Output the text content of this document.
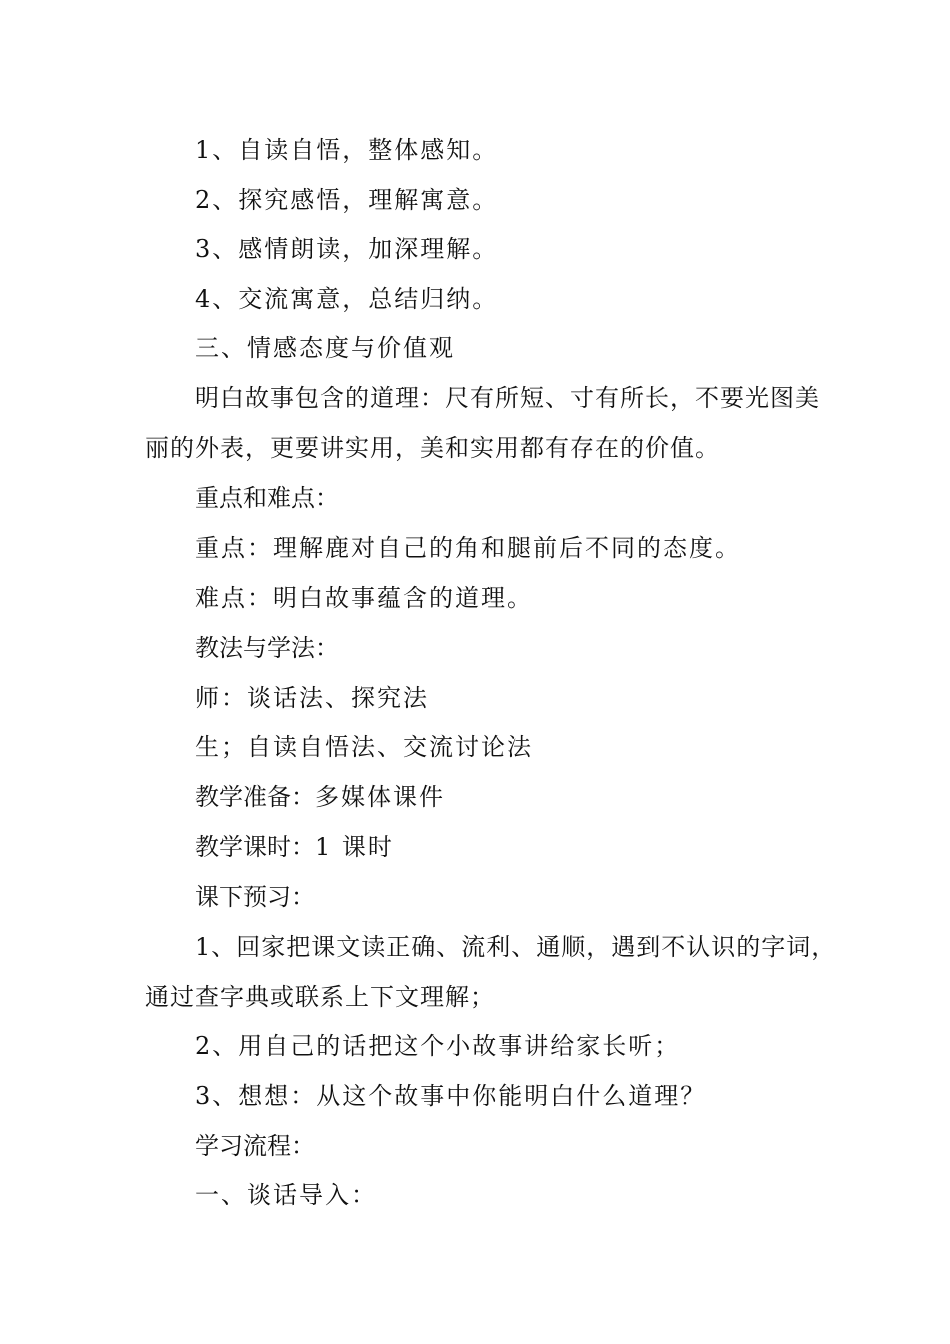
1、自读自悟，整体感知。
2、探究感悟，理解寓意。
3、感情朗读，加深理解。
4、交流寓意，总结归纳。
三、情感态度与价值观
明白故事包含的道理：尺有所短、寸有所长，不要光图美
丽的外表，更要讲实用，美和实用都有存在的价值。
重点和难点：
重点：理解鹿对自己的角和腿前后不同的态度。
难点：明白故事蕴含的道理。
教法与学法：
师：谈话法、探究法
生；自读自悟法、交流讨论法
教学准备：多媒体课件
教学课时：1 课时
课下预习：
1、回家把课文读正确、流利、通顺，遇到不认识的字词，
通过查字典或联系上下文理解；
2、用自己的话把这个小故事讲给家长听；
3、想想：从这个故事中你能明白什么道理？
学习流程：
一、谈话导入：
